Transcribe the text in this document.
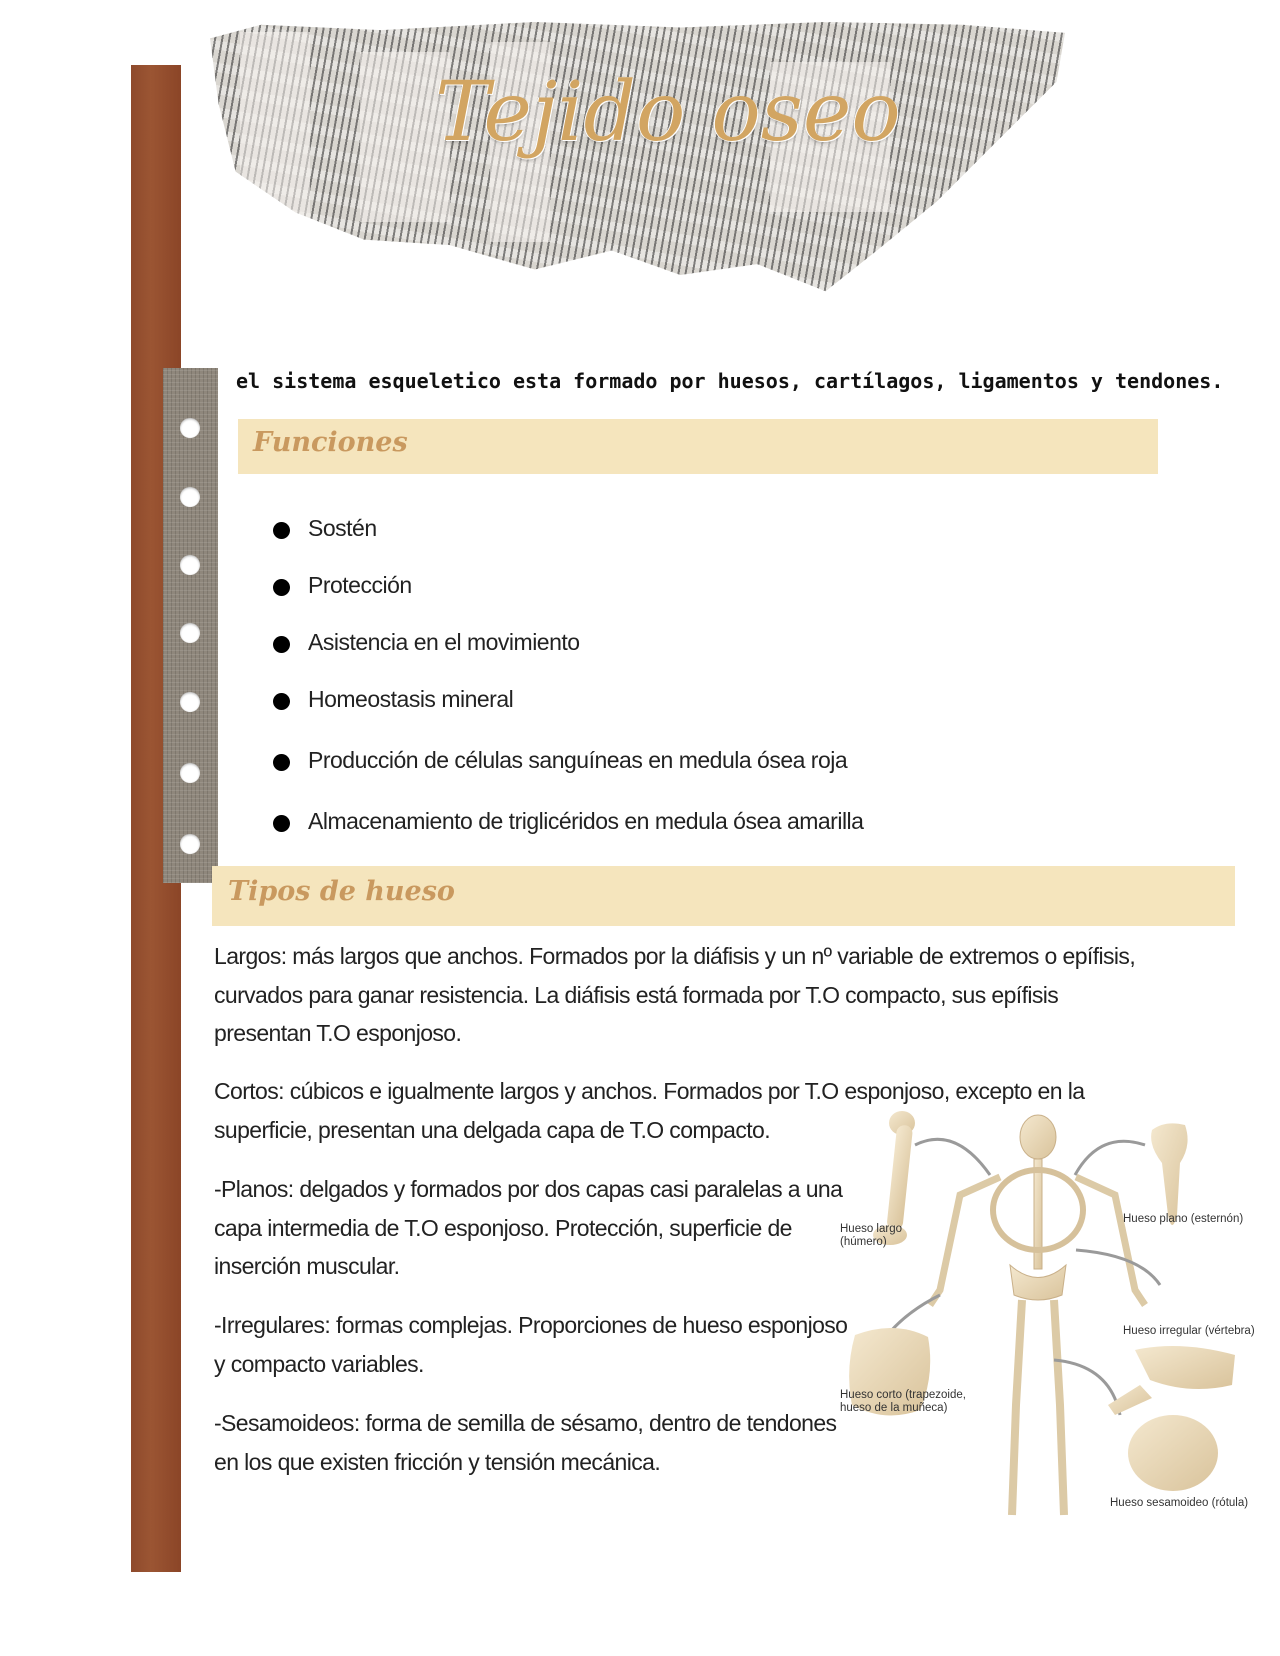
Tejido oseo
el sistema esqueletico esta formado por huesos, cartílagos, ligamentos y tendones.
Funciones
Sostén
Protección
Asistencia en el movimiento
Homeostasis mineral
Producción de células sanguíneas en medula ósea roja
Almacenamiento de triglicéridos en medula ósea amarilla
Tipos de hueso
Largos: más largos que anchos. Formados por la diáfisis y un nº variable de extremos o epífisis,
curvados para ganar resistencia. La diáfisis está formada por T.O compacto, sus epífisis
presentan T.O esponjoso.
Cortos: cúbicos e igualmente largos y anchos. Formados por T.O esponjoso, excepto en la
superficie, presentan una delgada capa de T.O compacto.
-Planos: delgados y formados por dos capas casi paralelas a una
capa intermedia de T.O esponjoso. Protección, superficie de
inserción muscular.
-Irregulares: formas complejas. Proporciones de hueso esponjoso
y compacto variables.
-Sesamoideos: forma de semilla de sésamo, dentro de tendones
en los que existen fricción y tensión mecánica.
Hueso largo
(húmero)
Hueso plano (esternón)
Hueso irregular (vértebra)
Hueso corto (trapezoide,
hueso de la muñeca)
Hueso sesamoideo (rótula)
